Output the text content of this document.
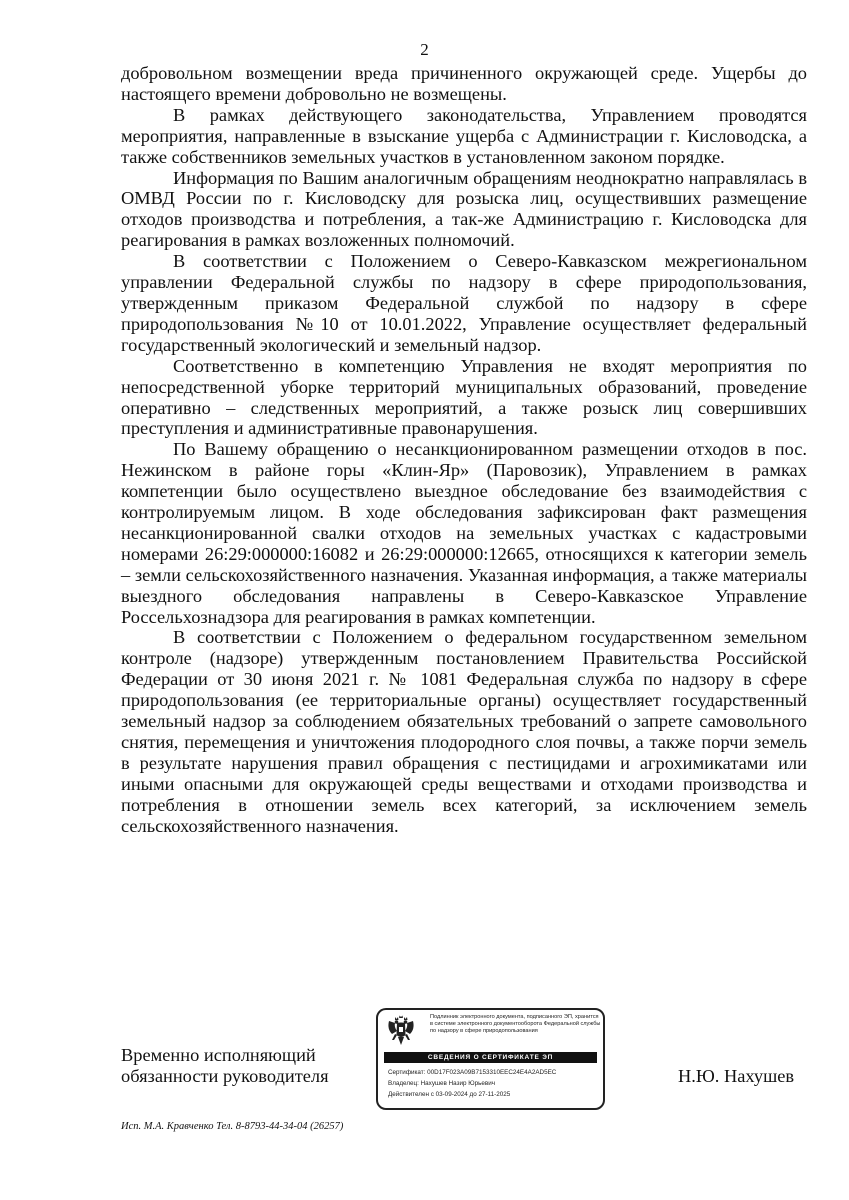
2

добровольном возмещении вреда причиненного окружающей среде. Ущербы до настоящего времени добровольно не возмещены.

В рамках действующего законодательства, Управлением проводятся мероприятия, направленные в взыскание ущерба с Администрации г. Кисловодска, а также собственников земельных участков в установленном законом порядке.

Информация по Вашим аналогичным обращениям неоднократно направлялась в ОМВД России по г. Кисловодску для розыска лиц, осуществивших размещение отходов производства и потребления, а так-же Администрацию г. Кисловодска для реагирования в рамках возложенных полномочий.

В соответствии с Положением о Северо-Кавказском межрегиональном управлении Федеральной службы по надзору в сфере природопользования, утвержденным приказом Федеральной службой по надзору в сфере природопользования №10 от 10.01.2022, Управление осуществляет федеральный государственный экологический и земельный надзор.

Соответственно в компетенцию Управления не входят мероприятия по непосредственной уборке территорий муниципальных образований, проведение оперативно – следственных мероприятий, а также розыск лиц совершивших преступления и административные правонарушения.

По Вашему обращению о несанкционированном размещении отходов в пос. Нежинском в районе горы «Клин-Яр» (Паровозик), Управлением в рамках компетенции было осуществлено выездное обследование без взаимодействия с контролируемым лицом. В ходе обследования зафиксирован факт размещения несанкционированной свалки отходов на земельных участках с кадастровыми номерами 26:29:000000:16082 и 26:29:000000:12665, относящихся к категории земель – земли сельскохозяйственного назначения. Указанная информация, а также материалы выездного обследования направлены в Северо-Кавказское Управление Россельхознадзора для реагирования в рамках компетенции.

В соответствии с Положением о федеральном государственном земельном контроле (надзоре) утвержденным постановлением Правительства Российской Федерации от 30 июня 2021 г. № 1081 Федеральная служба по надзору в сфере природопользования (ее территориальные органы) осуществляет государственный земельный надзор за соблюдением обязательных требований о запрете самовольного снятия, перемещения и уничтожения плодородного слоя почвы, а также порчи земель в результате нарушения правил обращения с пестицидами и агрохимикатами или иными опасными для окружающей среды веществами и отходами производства и потребления в отношении земель всех категорий, за исключением земель сельскохозяйственного назначения.

Временно исполняющий
обязанности руководителя
Подлинник электронного документа, подписанного ЭП, хранится в системе электронного документооборота Федеральной службы по надзору в сфере природопользования
СВЕДЕНИЯ О СЕРТИФИКАТЕ ЭП
Сертификат: 00D17F023A09B7153310EEC24E4A2AD5EC
Владелец: Нахушев Назир Юрьевич
Действителен с 03-09-2024 до 27-11-2025
Н.Ю. Нахушев
Исп. М.А. Кравченко Тел. 8-8793-44-34-04 (26257)
